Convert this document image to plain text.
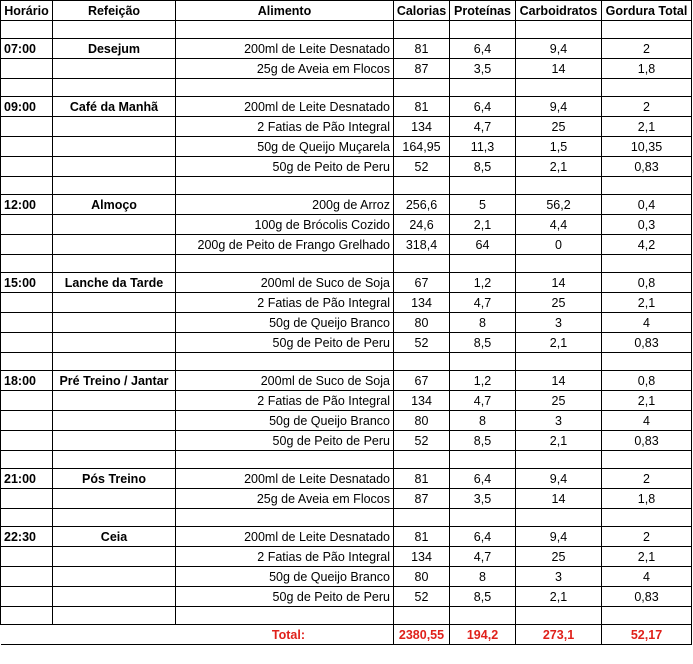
Horário	Refeição	Alimento	Calorias	Proteínas	Carboidratos	Gordura Total

07:00	Desejum	200ml de Leite Desnatado	81	6,4	9,4	2
		25g de Aveia em Flocos	87	3,5	14	1,8

09:00	Café da Manhã	200ml de Leite Desnatado	81	6,4	9,4	2
		2 Fatias de Pão Integral	134	4,7	25	2,1
		50g de Queijo Muçarela	164,95	11,3	1,5	10,35
		50g de Peito de Peru	52	8,5	2,1	0,83

12:00	Almoço	200g de Arroz	256,6	5	56,2	0,4
		100g de Brócolis Cozido	24,6	2,1	4,4	0,3
		200g de Peito de Frango Grelhado	318,4	64	0	4,2

15:00	Lanche da Tarde	200ml de Suco de Soja	67	1,2	14	0,8
		2 Fatias de Pão Integral	134	4,7	25	2,1
		50g de Queijo Branco	80	8	3	4
		50g de Peito de Peru	52	8,5	2,1	0,83

18:00	Pré Treino / Jantar	200ml de Suco de Soja	67	1,2	14	0,8
		2 Fatias de Pão Integral	134	4,7	25	2,1
		50g de Queijo Branco	80	8	3	4
		50g de Peito de Peru	52	8,5	2,1	0,83

21:00	Pós Treino	200ml de Leite Desnatado	81	6,4	9,4	2
		25g de Aveia em Flocos	87	3,5	14	1,8

22:30	Ceia	200ml de Leite Desnatado	81	6,4	9,4	2
		2 Fatias de Pão Integral	134	4,7	25	2,1
		50g de Queijo Branco	80	8	3	4
		50g de Peito de Peru	52	8,5	2,1	0,83

		Total:	2380,55	194,2	273,1	52,17
